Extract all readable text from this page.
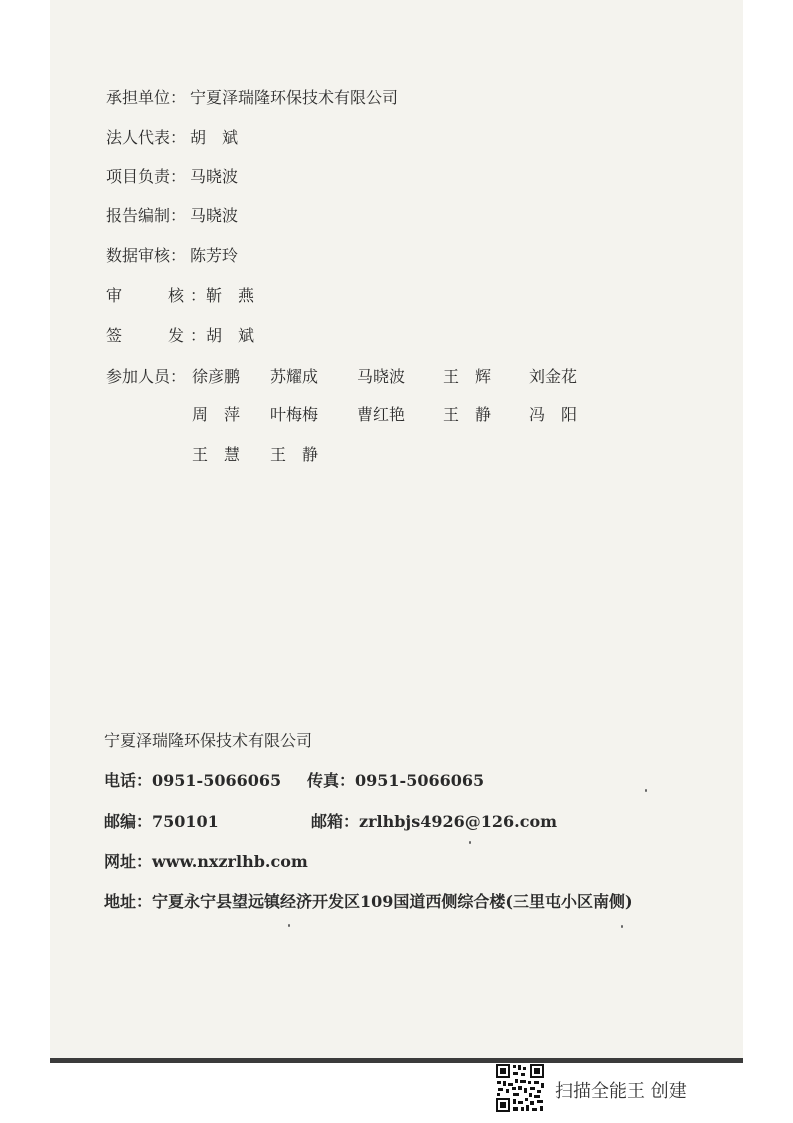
承担单位： 宁夏泽瑞隆环保技术有限公司
法人代表： 胡　斌
项目负责： 马晓波
报告编制： 马晓波
数据审核： 陈芳玲
审	核 ：靳　燕
签	发 ：胡　斌
参加人员： 徐彦鹏 苏耀成 马晓波 王　辉 刘金花
周　萍 叶梅梅 曹红艳 王　静 冯　阳
王　慧 王　静
宁夏泽瑞隆环保技术有限公司
电话：0951-5066065 传真：0951-5066065
邮编：750101	邮箱：zrlhbjs4926@126.com
网址：www.nxzrlhb.com
地址：宁夏永宁县望远镇经济开发区109国道西侧综合楼(三里屯小区南侧)
扫描全能王 创建
